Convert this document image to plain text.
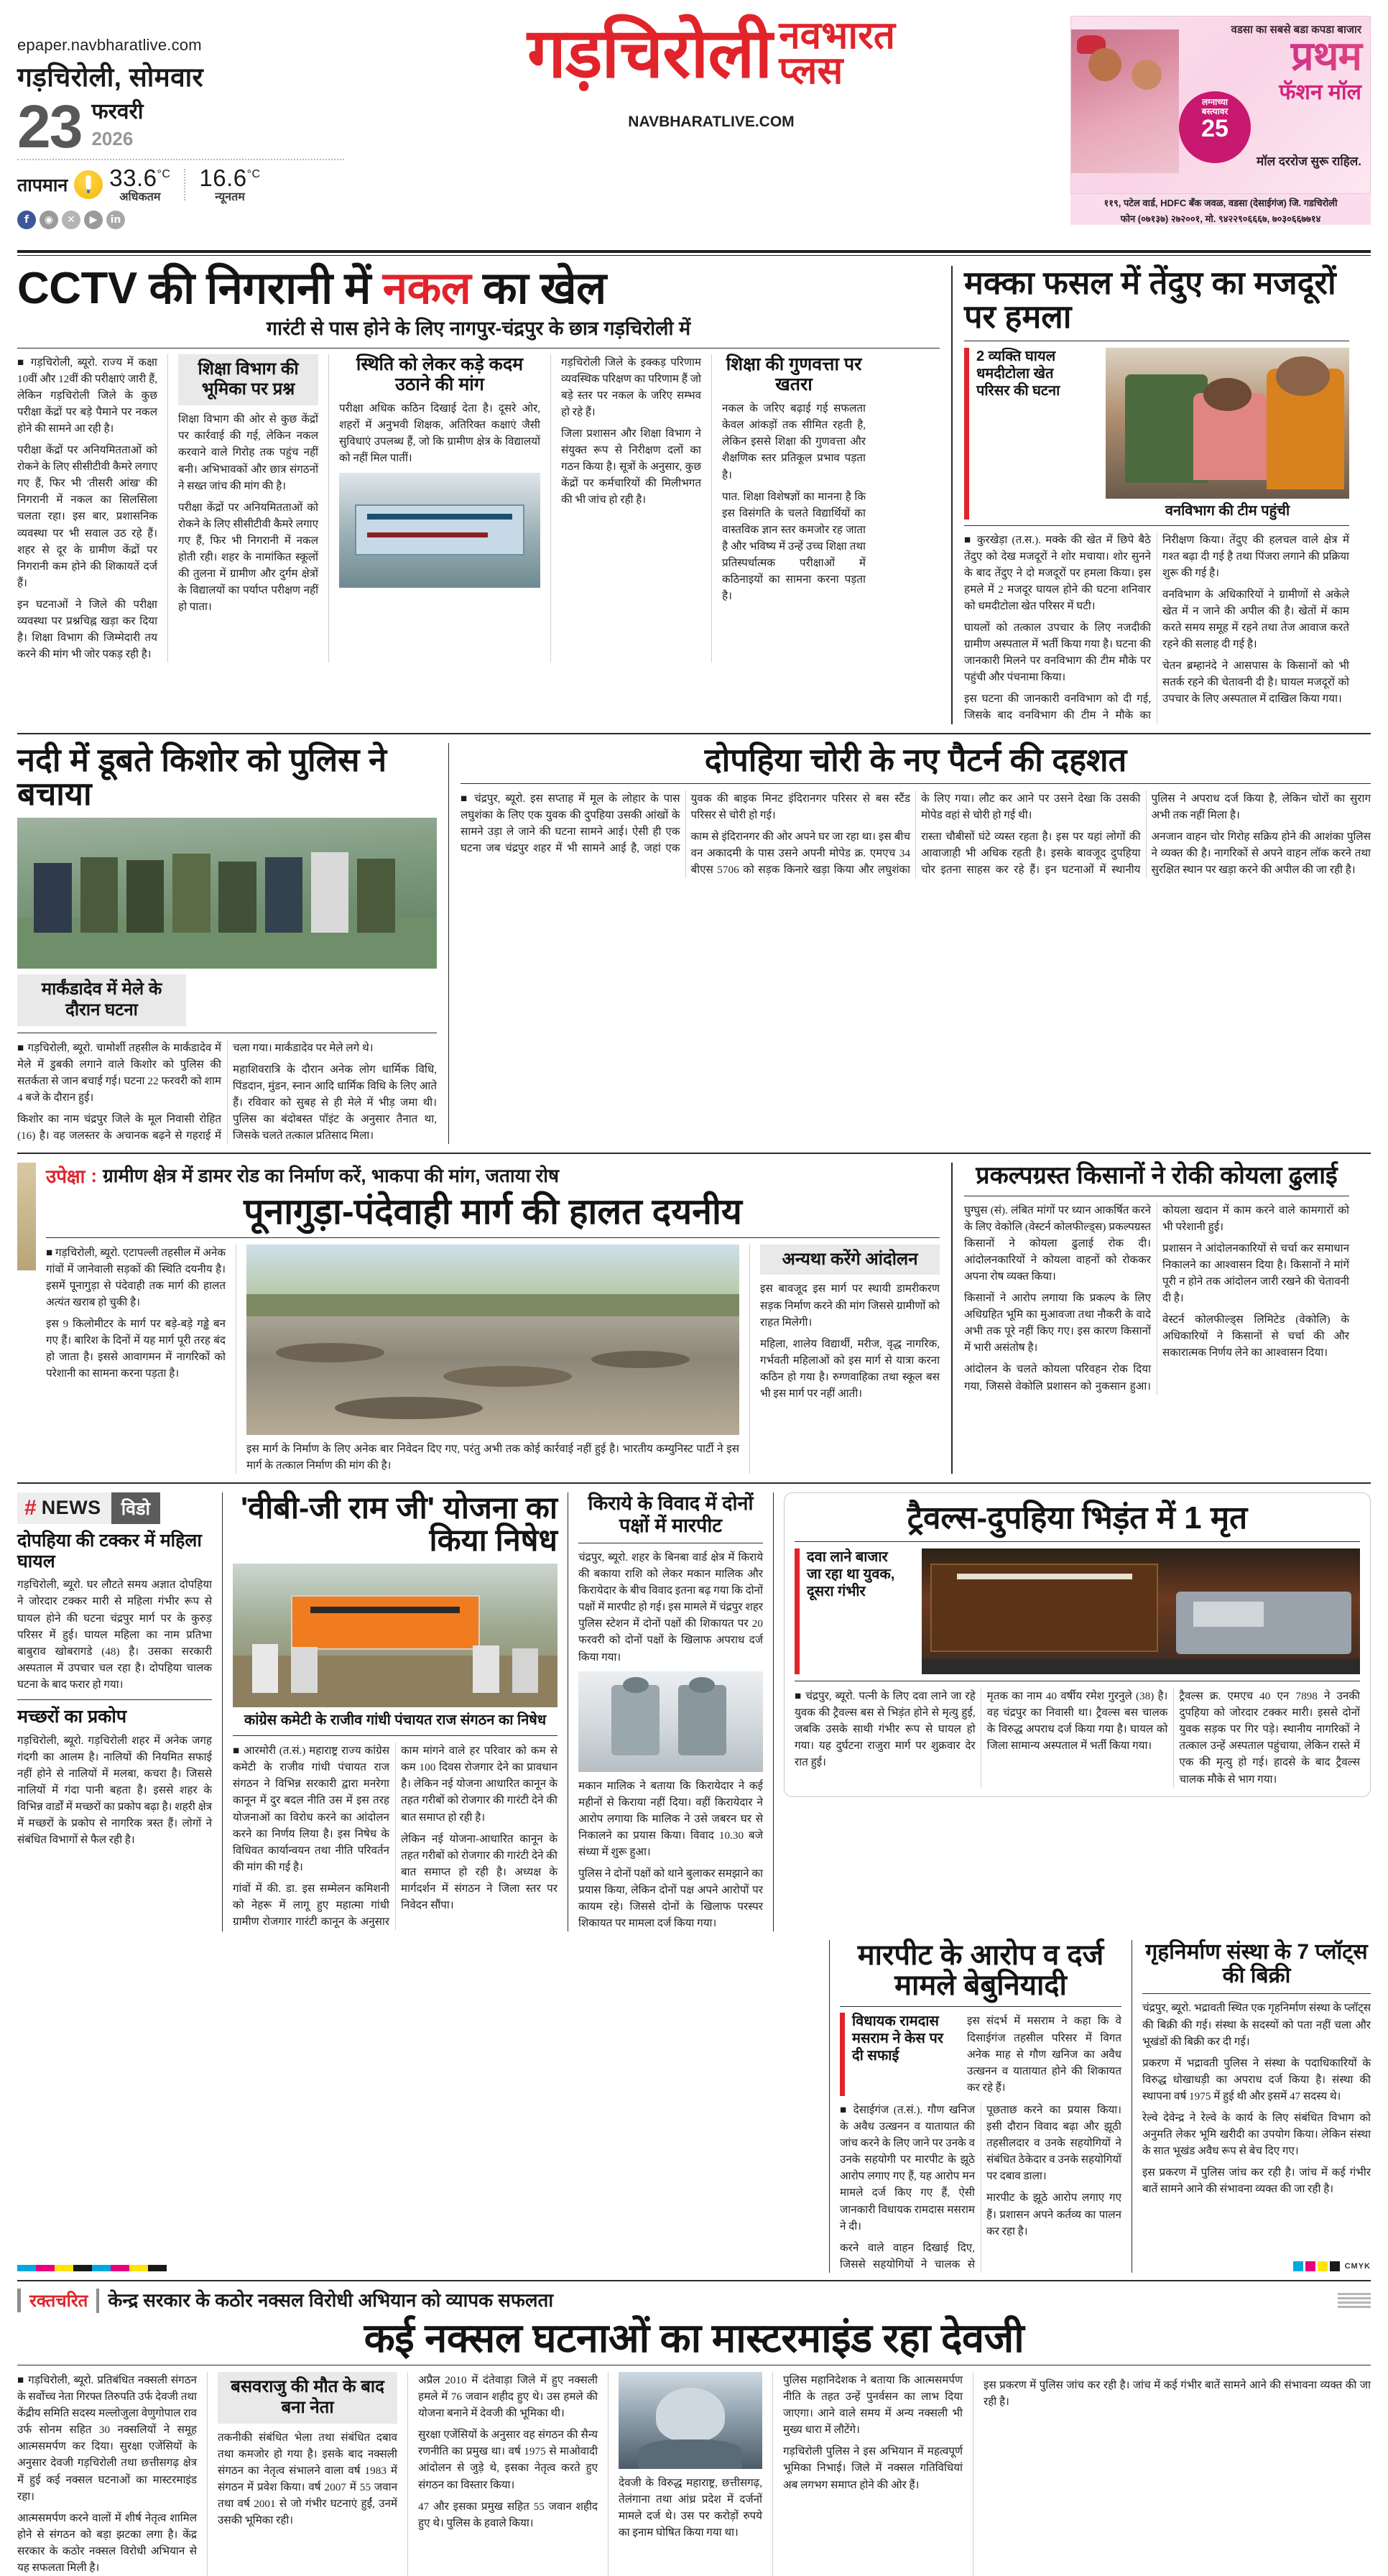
epaper.navbharatlive.com
गड़चिरोली, सोमवार
23 फरवरी
2026
तापमान $33.6^{^\circ C}$
अधिकतम
$16.6^{^\circ C}$
न्यूनतम
f	◉	✕	▶	in
गड़चिरोली नवभारत
प्लस
NAVBHARATLIVE.COM
वडसा का सबसे बडा कपडा बाजार
प्रथम
फॅशन मॉल
लग्नाच्या
बस्त्यावर
25
मॉल दररोज सुरू राहिल.
११९, पटेल वार्ड, HDFC बॅंक जवळ, वडसा (देसाईगंज) जि. गडचिरोली
फोन (०७१३७) २७२००१, मो. ९४२२९०६६६७, ७०३०६६७७१४
CCTV की निगरानी में नकल का खेल
गारंटी से पास होने के लिए नागपुर-चंद्रपुर के छात्र गड़चिरोली में
■ गड़चिरोली, ब्यूरो. राज्य में कक्षा 10वीं और 12वीं की परीक्षाएं जारी हैं, लेकिन गड़चिरोली जिले के कुछ परीक्षा केंद्रों पर बड़े पैमाने पर नकल होने की सामने आ रही है।
परीक्षा केंद्रों पर अनियमितताओं को रोकने के लिए सीसीटीवी कैमरे लगाए गए हैं, फिर भी 'तीसरी आंख' की निगरानी में नकल का सिलसिला चलता रहा। इस बार, प्रशासनिक व्यवस्था पर भी सवाल उठ रहे हैं। शहर से दूर के ग्रामीण केंद्रों पर निगरानी कम होने की शिकायतें दर्ज हैं।
इन घटनाओं ने जिले की परीक्षा व्यवस्था पर प्रश्नचिह्न खड़ा कर दिया है। शिक्षा विभाग की जिम्मेदारी तय करने की मांग भी जोर पकड़ रही है।
शिक्षा विभाग की भूमिका पर प्रश्न
शिक्षा विभाग की ओर से कुछ केंद्रों पर कार्रवाई की गई, लेकिन नकल करवाने वाले गिरोह तक पहुंच नहीं बनी। अभिभावकों और छात्र संगठनों ने सख्त जांच की मांग की है।
परीक्षा केंद्रों पर अनियमितताओं को रोकने के लिए सीसीटीवी कैमरे लगाए गए हैं, फिर भी निगरानी में नकल होती रही। शहर के नामांकित स्कूलों की तुलना में ग्रामीण और दुर्गम क्षेत्रों के विद्यालयों का पर्याप्त परीक्षण नहीं हो पाता।
स्थिति को लेकर कड़े कदम उठाने की मांग
परीक्षा अधिक कठिन दिखाई देता है। दूसरे ओर, शहरों में अनुभवी शिक्षक, अतिरिक्त कक्षाएं जैसी सुविधाएं उपलब्ध हैं, जो कि ग्रामीण क्षेत्र के विद्यालयों को नहीं मिल पातीं।
गड़चिरोली जिले के इक्कड़ परिणाम व्यवस्थिक परिक्षण का परिणाम हैं जो बड़े स्तर पर नकल के जरिए सम्भव हो रहे हैं।
जिला प्रशासन और शिक्षा विभाग ने संयुक्त रूप से निरीक्षण दलों का गठन किया है। सूत्रों के अनुसार, कुछ केंद्रों पर कर्मचारियों की मिलीभगत की भी जांच हो रही है।
शिक्षा की गुणवत्ता पर खतरा
नकल के जरिए बढ़ाई गई सफलता केवल आंकड़ों तक सीमित रहती है, लेकिन इससे शिक्षा की गुणवत्ता और शैक्षणिक स्तर प्रतिकूल प्रभाव पड़ता है।
पात. शिक्षा विशेषज्ञों का मानना है कि इस विसंगति के चलते विद्यार्थियों का वास्तविक ज्ञान स्तर कमजोर रह जाता है और भविष्य में उन्हें उच्च शिक्षा तथा प्रतिस्पर्धात्मक परीक्षाओं में कठिनाइयों का सामना करना पड़ता है।
मक्का फसल में तेंदुए का मजदूरों पर हमला
2 व्यक्ति घायल
धमदीटोला खेत
परिसर की घटना
वनविभाग की टीम पहुंची
■ कुरखेड़ा (त.स.). मक्के की खेत में छिपे बैठे तेंदुए को देख मजदूरों ने शोर मचाया। शोर सुनने के बाद तेंदुए ने दो मजदूरों पर हमला किया। इस हमले में 2 मजदूर घायल होने की घटना शनिवार को धमदीटोला खेत परिसर में घटी।
घायलों को तत्काल उपचार के लिए नजदीकी ग्रामीण अस्पताल में भर्ती किया गया है। घटना की जानकारी मिलने पर वनविभाग की टीम मौके पर पहुंची और पंचनामा किया।
इस घटना की जानकारी वनविभाग को दी गई, जिसके बाद वनविभाग की टीम ने मौके का निरीक्षण किया। तेंदुए की हलचल वाले क्षेत्र में गश्त बढ़ा दी गई है तथा पिंजरा लगाने की प्रक्रिया शुरू की गई है।
वनविभाग के अधिकारियों ने ग्रामीणों से अकेले खेत में न जाने की अपील की है। खेतों में काम करते समय समूह में रहने तथा तेज आवाज करते रहने की सलाह दी गई है।
चेतन ब्रम्हानंदे ने आसपास के किसानों को भी सतर्क रहने की चेतावनी दी है। घायल मजदूरों को उपचार के लिए अस्पताल में दाखिल किया गया।
नदी में डूबते किशोर को पुलिस ने बचाया
मार्कंडादेव में मेले के दौरान घटना
■ गड़चिरोली, ब्यूरो. चामोर्शी तहसील के मार्कंडादेव में मेले में डुबकी लगाने वाले किशोर को पुलिस की सतर्कता से जान बचाई गई। घटना 22 फरवरी को शाम 4 बजे के दौरान हुई।
किशोर का नाम चंद्रपुर जिले के मूल निवासी रोहित (16) है। वह जलस्तर के अचानक बढ़ने से गहराई में चला गया। मार्कंडादेव पर मेले लगे थे।
महाशिवरात्रि के दौरान अनेक लोग धार्मिक विधि, पिंडदान, मुंडन, स्नान आदि धार्मिक विधि के लिए आते हैं। रविवार को सुबह से ही मेले में भीड़ जमा थी। पुलिस का बंदोबस्त पॉइंट के अनुसार तैनात था, जिसके चलते तत्काल प्रतिसाद मिला।
दोपहिया चोरी के नए पैटर्न की दहशत
■ चंद्रपुर, ब्यूरो. इस सप्ताह में मूल के लोहार के पास लघुशंका के लिए एक युवक की दुपहिया उसकी आंखों के सामने उड़ा ले जाने की घटना सामने आई। ऐसी ही एक घटना जब चंद्रपुर शहर में भी सामने आई है, जहां एक युवक की बाइक मिनट इंदिरानगर परिसर से बस स्टैंड परिसर से चोरी हो गई।
काम से इंदिरानगर की ओर अपने घर जा रहा था। इस बीच वन अकादमी के पास उसने अपनी मोपेड क्र. एमएच 34 बीएस 5706 को सड़क किनारे खड़ा किया और लघुशंका के लिए गया। लौट कर आने पर उसने देखा कि उसकी मोपेड वहां से चोरी हो गई थी।
रास्ता चौबीसों घंटे व्यस्त रहता है। इस पर यहां लोगों की आवाजाही भी अधिक रहती है। इसके बावजूद दुपहिया चोर इतना साहस कर रहे हैं। इन घटनाओं में स्थानीय पुलिस ने अपराध दर्ज किया है, लेकिन चोरों का सुराग अभी तक नहीं मिला है।
अनजान वाहन चोर गिरोह सक्रिय होने की आशंका पुलिस ने व्यक्त की है। नागरिकों से अपने वाहन लॉक करने तथा सुरक्षित स्थान पर खड़ा करने की अपील की जा रही है।
उपेक्षा : ग्रामीण क्षेत्र में डामर रोड का निर्माण करें, भाकपा की मांग, जताया रोष
पूनागुड़ा-पंदेवाही मार्ग की हालत दयनीय
■ गड़चिरोली, ब्यूरो. एटापल्ली तहसील में अनेक गांवों में जानेवाली सड़कों की स्थिति दयनीय है। इसमें पूनागुड़ा से पंदेवाही तक मार्ग की हालत अत्यंत खराब हो चुकी है।
इस 9 किलोमीटर के मार्ग पर बड़े-बड़े गड्ढे बन गए हैं। बारिश के दिनों में यह मार्ग पूरी तरह बंद हो जाता है। इससे आवागमन में नागरिकों को परेशानी का सामना करना पड़ता है।
इस मार्ग के निर्माण के लिए अनेक बार निवेदन दिए गए, परंतु अभी तक कोई कार्रवाई नहीं हुई है। भारतीय कम्युनिस्ट पार्टी ने इस मार्ग के तत्काल निर्माण की मांग की है।
अन्यथा करेंगे आंदोलन
इस बावजूद इस मार्ग पर स्थायी डामरीकरण सड़क निर्माण करने की मांग जिससे ग्रामीणों को राहत मिलेगी।
महिला, शालेय विद्यार्थी, मरीज, वृद्ध नागरिक, गर्भवती महिलाओं को इस मार्ग से यात्रा करना कठिन हो गया है। रुग्णवाहिका तथा स्कूल बस भी इस मार्ग पर नहीं आती।
प्रकल्पग्रस्त किसानों ने रोकी कोयला ढुलाई
घुग्घुस (सं). लंबित मांगों पर ध्यान आकर्षित करने के लिए वेकोलि (वेस्टर्न कोलफील्ड्स) प्रकल्पग्रस्त किसानों ने कोयला ढुलाई रोक दी। आंदोलनकारियों ने कोयला वाहनों को रोककर अपना रोष व्यक्त किया।
किसानों ने आरोप लगाया कि प्रकल्प के लिए अधिग्रहित भूमि का मुआवजा तथा नौकरी के वादे अभी तक पूरे नहीं किए गए। इस कारण किसानों में भारी असंतोष है।
आंदोलन के चलते कोयला परिवहन रोक दिया गया, जिससे वेकोलि प्रशासन को नुकसान हुआ। कोयला खदान में काम करने वाले कामगारों को भी परेशानी हुई।
प्रशासन ने आंदोलनकारियों से चर्चा कर समाधान निकालने का आश्वासन दिया है। किसानों ने मांगें पूरी न होने तक आंदोलन जारी रखने की चेतावनी दी है।
वेस्टर्न कोलफील्ड्स लिमिटेड (वेकोलि) के अधिकारियों ने किसानों से चर्चा की और सकारात्मक निर्णय लेने का आश्वासन दिया।
# NEWS	विडो
दोपहिया की टक्कर में महिला घायल
गड़चिरोली, ब्यूरो. घर लौटते समय अज्ञात दोपहिया ने जोरदार टक्कर मारी से महिला गंभीर रूप से घायल होने की घटना चंद्रपुर मार्ग पर के कुरुड़ परिसर में हुई। घायल महिला का नाम प्रतिभा बाबुराव खोबरागडे (48) है। उसका सरकारी अस्पताल में उपचार चल रहा है। दोपहिया चालक घटना के बाद फरार हो गया।
मच्छरों का प्रकोप
गड़चिरोली, ब्यूरो. गड़चिरोली शहर में अनेक जगह गंदगी का आलम है। नालियों की नियमित सफाई नहीं होने से नालियों में मलबा, कचरा है। जिससे नालियों में गंदा पानी बहता है। इससे शहर के विभिन्न वार्डों में मच्छरों का प्रकोप बढ़ा है। शहरी क्षेत्र में मच्छरों के प्रकोप से नागरिक त्रस्त हैं। लोगों ने संबंधित विभागों से फैल रही है।
'वीबी-जी राम जी' योजना का किया निषेध
कांग्रेस कमेटी के राजीव गांधी पंचायत राज संगठन का निषेध
■ आरमोरी (त.सं.) महाराष्ट्र राज्य कांग्रेस कमेटी के राजीव गांधी पंचायत राज संगठन ने विभिन्न सरकारी द्वारा मनरेगा कानून में दुर बदल नीति उस में इस तरह योजनाओं का विरोध करने का आंदोलन करने का निर्णय लिया है। इस निषेध के विधिवत कार्यान्वयन तथा नीति परिवर्तन की मांग की गई है।
गांवों में की. डा. इस सम्मेलन कमिशनी को नेहरू में लागू हुए महात्मा गांधी ग्रामीण रोजगार गारंटी कानून के अनुसार काम मांगने वाले हर परिवार को कम से कम 100 दिवस रोजगार देने का प्रावधान है। लेकिन नई योजना आधारित कानून के तहत गरीबों को रोजगार की गारंटी देने की बात समाप्त हो रही है।
लेकिन नई योजना-आधारित कानून के तहत गरीबों को रोजगार की गारंटी देने की बात समाप्त हो रही है। अध्यक्ष के मार्गदर्शन में संगठन ने जिला स्तर पर निवेदन सौंपा।
किराये के विवाद में दोनों पक्षों में मारपीट
चंद्रपुर, ब्यूरो. शहर के बिनबा वार्ड क्षेत्र में किराये की बकाया राशि को लेकर मकान मालिक और किरायेदार के बीच विवाद इतना बढ़ गया कि दोनों पक्षों में मारपीट हो गई। इस मामले में चंद्रपुर शहर पुलिस स्टेशन में दोनों पक्षों की शिकायत पर 20 फरवरी को दोनों पक्षों के खिलाफ अपराध दर्ज किया गया।
मकान मालिक ने बताया कि किरायेदार ने कई महीनों से किराया नहीं दिया। वहीं किरायेदार ने आरोप लगाया कि मालिक ने उसे जबरन घर से निकालने का प्रयास किया। विवाद 10.30 बजे संध्या में शुरू हुआ।
पुलिस ने दोनों पक्षों को थाने बुलाकर समझाने का प्रयास किया, लेकिन दोनों पक्ष अपने आरोपों पर कायम रहे। जिससे दोनों के खिलाफ परस्पर शिकायत पर मामला दर्ज किया गया।
ट्रैवल्स-दुपहिया भिड़ंत में 1 मृत
दवा लाने बाजार
जा रहा था युवक,
दूसरा गंभीर
■ चंद्रपुर, ब्यूरो. पत्नी के लिए दवा लाने जा रहे युवक की ट्रैवल्स बस से भिड़ंत होने से मृत्यु हुई, जबकि उसके साथी गंभीर रूप से घायल हो गया। यह दुर्घटना राजुरा मार्ग पर शुक्रवार देर रात हुई।
मृतक का नाम 40 वर्षीय रमेश गुरनुले (38) है। वह चंद्रपुर का निवासी था। ट्रैवल्स बस चालक के विरुद्ध अपराध दर्ज किया गया है। घायल को जिला सामान्य अस्पताल में भर्ती किया गया।
ट्रैवल्स क्र. एमएच 40 एन 7898 ने उनकी दुपहिया को जोरदार टक्कर मारी। इससे दोनों युवक सड़क पर गिर पड़े। स्थानीय नागरिकों ने तत्काल उन्हें अस्पताल पहुंचाया, लेकिन रास्ते में एक की मृत्यु हो गई। हादसे के बाद ट्रैवल्स चालक मौके से भाग गया।
मारपीट के आरोप व दर्ज मामले बेबुनियादी
विधायक रामदास
मसराम ने केस पर
दी सफाई
इस संदर्भ में मसराम ने कहा कि वे दिसाईगंज तहसील परिसर में विगत अनेक माह से गौण खनिज का अवैध उत्खनन व यातायात होने की शिकायत कर रहे हैं।
■ देसाईगंज (त.सं.). गौण खनिज के अवैध उत्खनन व यातायात की जांच करने के लिए जाने पर उनके व उनके सहयोगी पर मारपीट के झूठे आरोप लगाए गए हैं, यह आरोप मन मामले दर्ज किए गए हैं, ऐसी जानकारी विधायक रामदास मसराम ने दी।
करने वाले वाहन दिखाई दिए, जिससे सहयोगियों ने चालक से पूछताछ करने का प्रयास किया। इसी दौरान विवाद बढ़ा और झूठी तहसीलदार व उनके सहयोगियों ने संबंधित ठेकेदार व उनके सहयोगियों पर दबाव डाला।
मारपीट के झूठे आरोप लगाए गए हैं। प्रशासन अपने कर्तव्य का पालन कर रहा है।
गृहनिर्माण संस्था के 7 प्लॉट्स की बिक्री
चंद्रपुर, ब्यूरो. भद्रावती स्थित एक गृहनिर्माण संस्था के प्लॉट्स की बिक्री की गई। संस्था के सदस्यों को पता नहीं चला और भूखंडों की बिक्री कर दी गई।
प्रकरण में भद्रावती पुलिस ने संस्था के पदाधिकारियों के विरुद्ध धोखाधड़ी का अपराध दर्ज किया है। संस्था की स्थापना वर्ष 1975 में हुई थी और इसमें 47 सदस्य थे।
रेल्वे देवेन्द्र ने रेल्वे के कार्य के लिए संबंधित विभाग को अनुमति लेकर भूमि खरीदी का उपयोग किया। लेकिन संस्था के सात भूखंड अवैध रूप से बेच दिए गए।
इस प्रकरण में पुलिस जांच कर रही है। जांच में कई गंभीर बातें सामने आने की संभावना व्यक्त की जा रही है।
रक्तचरित केन्द्र सरकार के कठोर नक्सल विरोधी अभियान को व्यापक सफलता
कई नक्सल घटनाओं का मास्टरमाइंड रहा देवजी
■ गड़चिरोली, ब्यूरो. प्रतिबंधित नक्सली संगठन के सर्वोच्च नेता गिरफ्त तिरुपति उर्फ देवजी तथा केंद्रीय समिति सदस्य मल्लोजुला वेणुगोपाल राव उर्फ सोनम सहित 30 नक्सलियों ने समूह आत्मसमर्पण कर दिया। सुरक्षा एजेंसियों के अनुसार देवजी गड़चिरोली तथा छत्तीसगढ़ क्षेत्र में हुई कई नक्सल घटनाओं का मास्टरमाइंड रहा।
आत्मसमर्पण करने वालों में शीर्ष नेतृत्व शामिल होने से संगठन को बड़ा झटका लगा है। केंद्र सरकार के कठोर नक्सल विरोधी अभियान से यह सफलता मिली है।
बसवराजु की मौत के बाद बना नेता
तकनीकी संबंधित भेला तथा संबंधित दबाव तथा कमजोर हो गया है। इसके बाद नक्सली संगठन का नेतृत्व संभालने वाला वर्ष 1983 में संगठन में प्रवेश किया। वर्ष 2007 में 55 जवान तथा वर्ष 2001 से जो गंभीर घटनाएं हुईं, उनमें उसकी भूमिका रही।
अप्रैल 2010 में दंतेवाड़ा जिले में हुए नक्सली हमले में 76 जवान शहीद हुए थे। उस हमले की योजना बनाने में देवजी की भूमिका थी।
सुरक्षा एजेंसियों के अनुसार वह संगठन की सैन्य रणनीति का प्रमुख था। वर्ष 1975 से माओवादी आंदोलन से जुड़े थे, इसका नेतृत्व करते हुए संगठन का विस्तार किया।
47 और इसका प्रमुख सहित 55 जवान शहीद हुए थे। पुलिस के हवाले किया।
देवजी के विरुद्ध महाराष्ट्र, छत्तीसगढ़, तेलंगाना तथा आंध्र प्रदेश में दर्जनों मामले दर्ज थे। उस पर करोड़ों रुपये का इनाम घोषित किया गया था।
पुलिस महानिदेशक ने बताया कि आत्मसमर्पण नीति के तहत उन्हें पुनर्वसन का लाभ दिया जाएगा। आने वाले समय में अन्य नक्सली भी मुख्य धारा में लौटेंगे।
गड़चिरोली पुलिस ने इस अभियान में महत्वपूर्ण भूमिका निभाई। जिले में नक्सल गतिविधियां अब लगभग समाप्त होने की ओर हैं।
इस प्रकरण में पुलिस जांच कर रही है। जांच में कई गंभीर बातें सामने आने की संभावना व्यक्त की जा रही है।
CMYK
